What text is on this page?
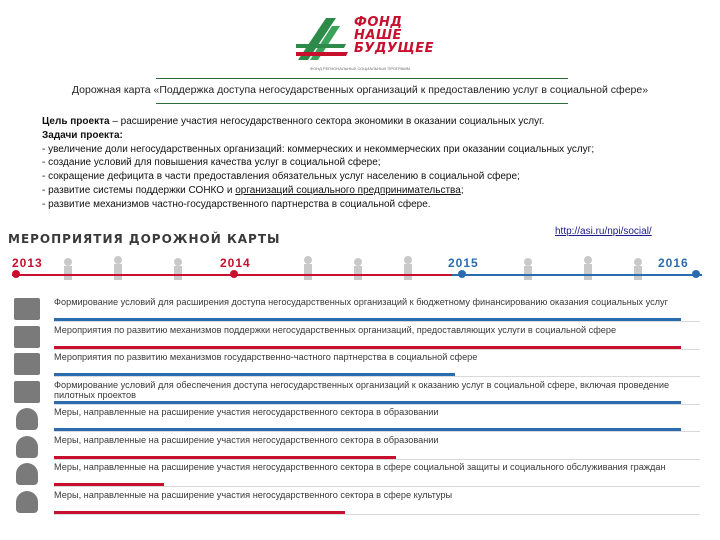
ФОНД
НАШЕ
БУДУЩЕЕ
ФОНД РЕГИОНАЛЬНЫХ СОЦИАЛЬНЫХ ПРОГРАММ
Дорожная карта «Поддержка доступа негосударственных организаций к предоставлению услуг в социальной сфере»
Цель проекта – расширение участия негосударственного сектора экономики в оказании социальных услуг.
Задачи проекта:
- увеличение доли негосударственных организаций: коммерческих и некоммерческих при оказании социальных услуг;
- создание условий для повышения качества услуг в социальной сфере;
- сокращение дефицита в части предоставления обязательных услуг населению в социальной сфере;
- развитие системы поддержки СОНКО и организаций социального предпринимательства;
- развитие механизмов частно-государственного партнерства в социальной сфере.
http://asi.ru/npi/social/
МЕРОПРИЯТИЯ ДОРОЖНОЙ КАРТЫ
2013	2014	2015	2016
Формирование условий для расширения доступа негосударственных организаций к бюджетному финансированию оказания социальных услуг
Мероприятия по развитию механизмов поддержки негосударственных организаций, предоставляющих услуги в социальной сфере
Мероприятия по развитию механизмов государственно-частного партнерства в социальной сфере
Формирование условий для обеспечения доступа негосударственных организаций к оказанию услуг в социальной сфере, включая проведение пилотных проектов
Меры, направленные на расширение участия негосударственного сектора в образовании
Меры, направленные на расширение участия негосударственного сектора в образовании
Меры, направленные на расширение участия негосударственного сектора в сфере социальной защиты и социального обслуживания граждан
Меры, направленные на расширение участия негосударственного сектора в сфере культуры
